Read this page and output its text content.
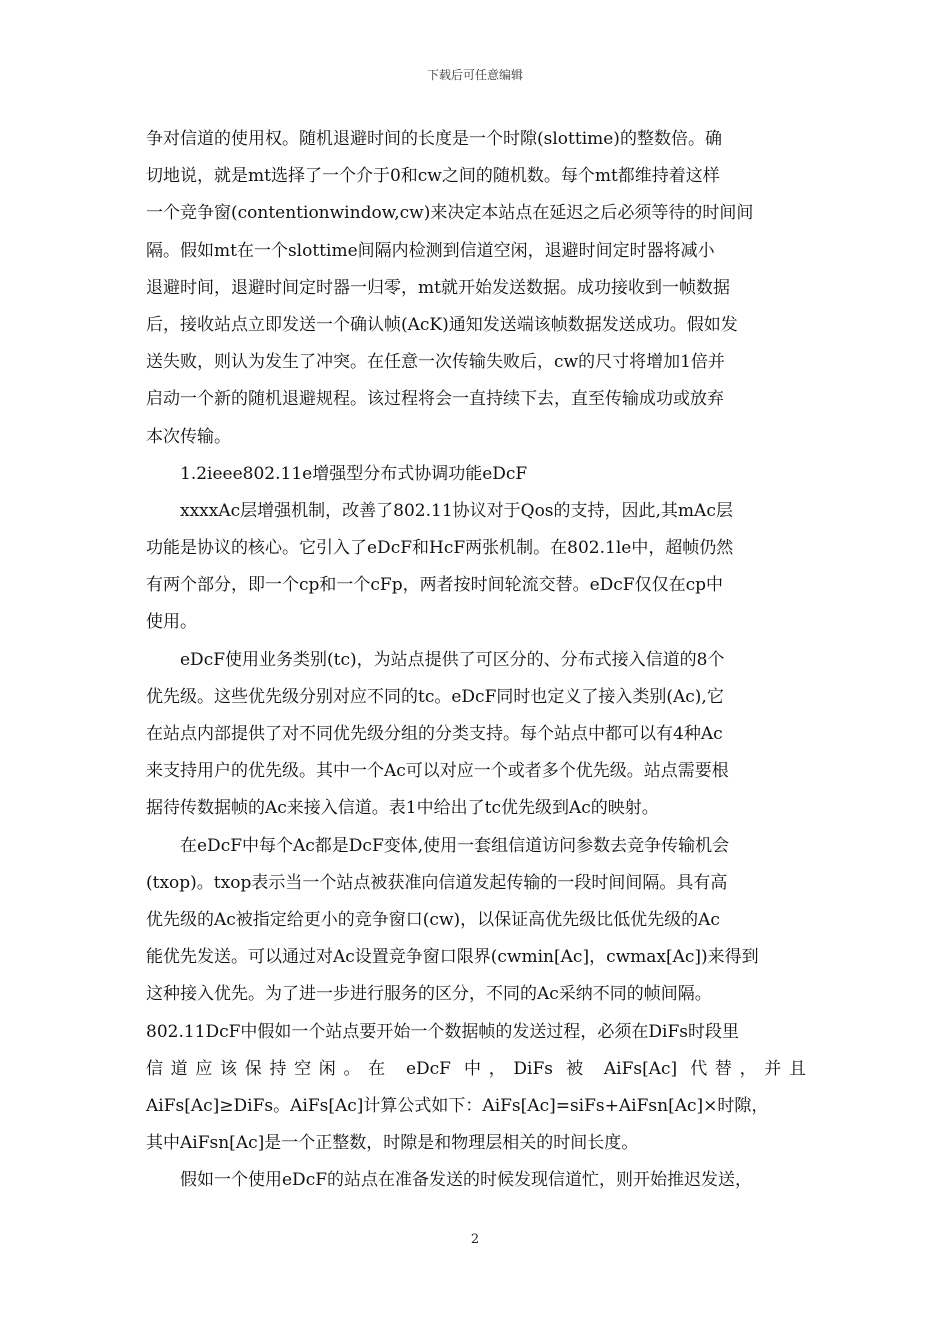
下载后可任意编辑
争对信道的使用权。随机退避时间的长度是一个时隙(slottime)的整数倍。确
切地说，就是mt选择了一个介于0和cw之间的随机数。每个mt都维持着这样
一个竞争窗(contentionwindow,cw)来决定本站点在延迟之后必须等待的时间间
隔。假如mt在一个slottime间隔内检测到信道空闲，退避时间定时器将减小
退避时间，退避时间定时器一归零，mt就开始发送数据。成功接收到一帧数据
后，接收站点立即发送一个确认帧(AcK)通知发送端该帧数据发送成功。假如发
送失败，则认为发生了冲突。在任意一次传输失败后，cw的尺寸将增加1倍并
启动一个新的随机退避规程。该过程将会一直持续下去，直至传输成功或放弃
本次传输。
　　1.2ieee802.11e增强型分布式协调功能eDcF
　　xxxxAc层增强机制，改善了802.11协议对于Qos的支持，因此,其mAc层
功能是协议的核心。它引入了eDcF和HcF两张机制。在802.1le中，超帧仍然
有两个部分，即一个cp和一个cFp，两者按时间轮流交替。eDcF仅仅在cp中
使用。
　　eDcF使用业务类别(tc)，为站点提供了可区分的、分布式接入信道的8个
优先级。这些优先级分别对应不同的tc。eDcF同时也定义了接入类别(Ac),它
在站点内部提供了对不同优先级分组的分类支持。每个站点中都可以有4种Ac
来支持用户的优先级。其中一个Ac可以对应一个或者多个优先级。站点需要根
据待传数据帧的Ac来接入信道。表1中给出了tc优先级到Ac的映射。
　　在eDcF中每个Ac都是DcF变体,使用一套组信道访问参数去竞争传输机会
(txop)。txop表示当一个站点被获准向信道发起传输的一段时间间隔。具有高
优先级的Ac被指定给更小的竞争窗口(cw)，以保证高优先级比低优先级的Ac
能优先发送。可以通过对Ac设置竞争窗口限界(cwmin[Ac]，cwmax[Ac])来得到
这种接入优先。为了进一步进行服务的区分，不同的Ac采纳不同的帧间隔。
802.11DcF中假如一个站点要开始一个数据帧的发送过程，必须在DiFs时段里
信道应该保持空闲。在 eDcF 中，DiFs 被 AiFs[Ac] 代替，并且
AiFs[Ac]≥DiFs。AiFs[Ac]计算公式如下：AiFs[Ac]=siFs+AiFsn[Ac]×时隙，
其中AiFsn[Ac]是一个正整数，时隙是和物理层相关的时间长度。
　　假如一个使用eDcF的站点在准备发送的时候发现信道忙，则开始推迟发送，
2
